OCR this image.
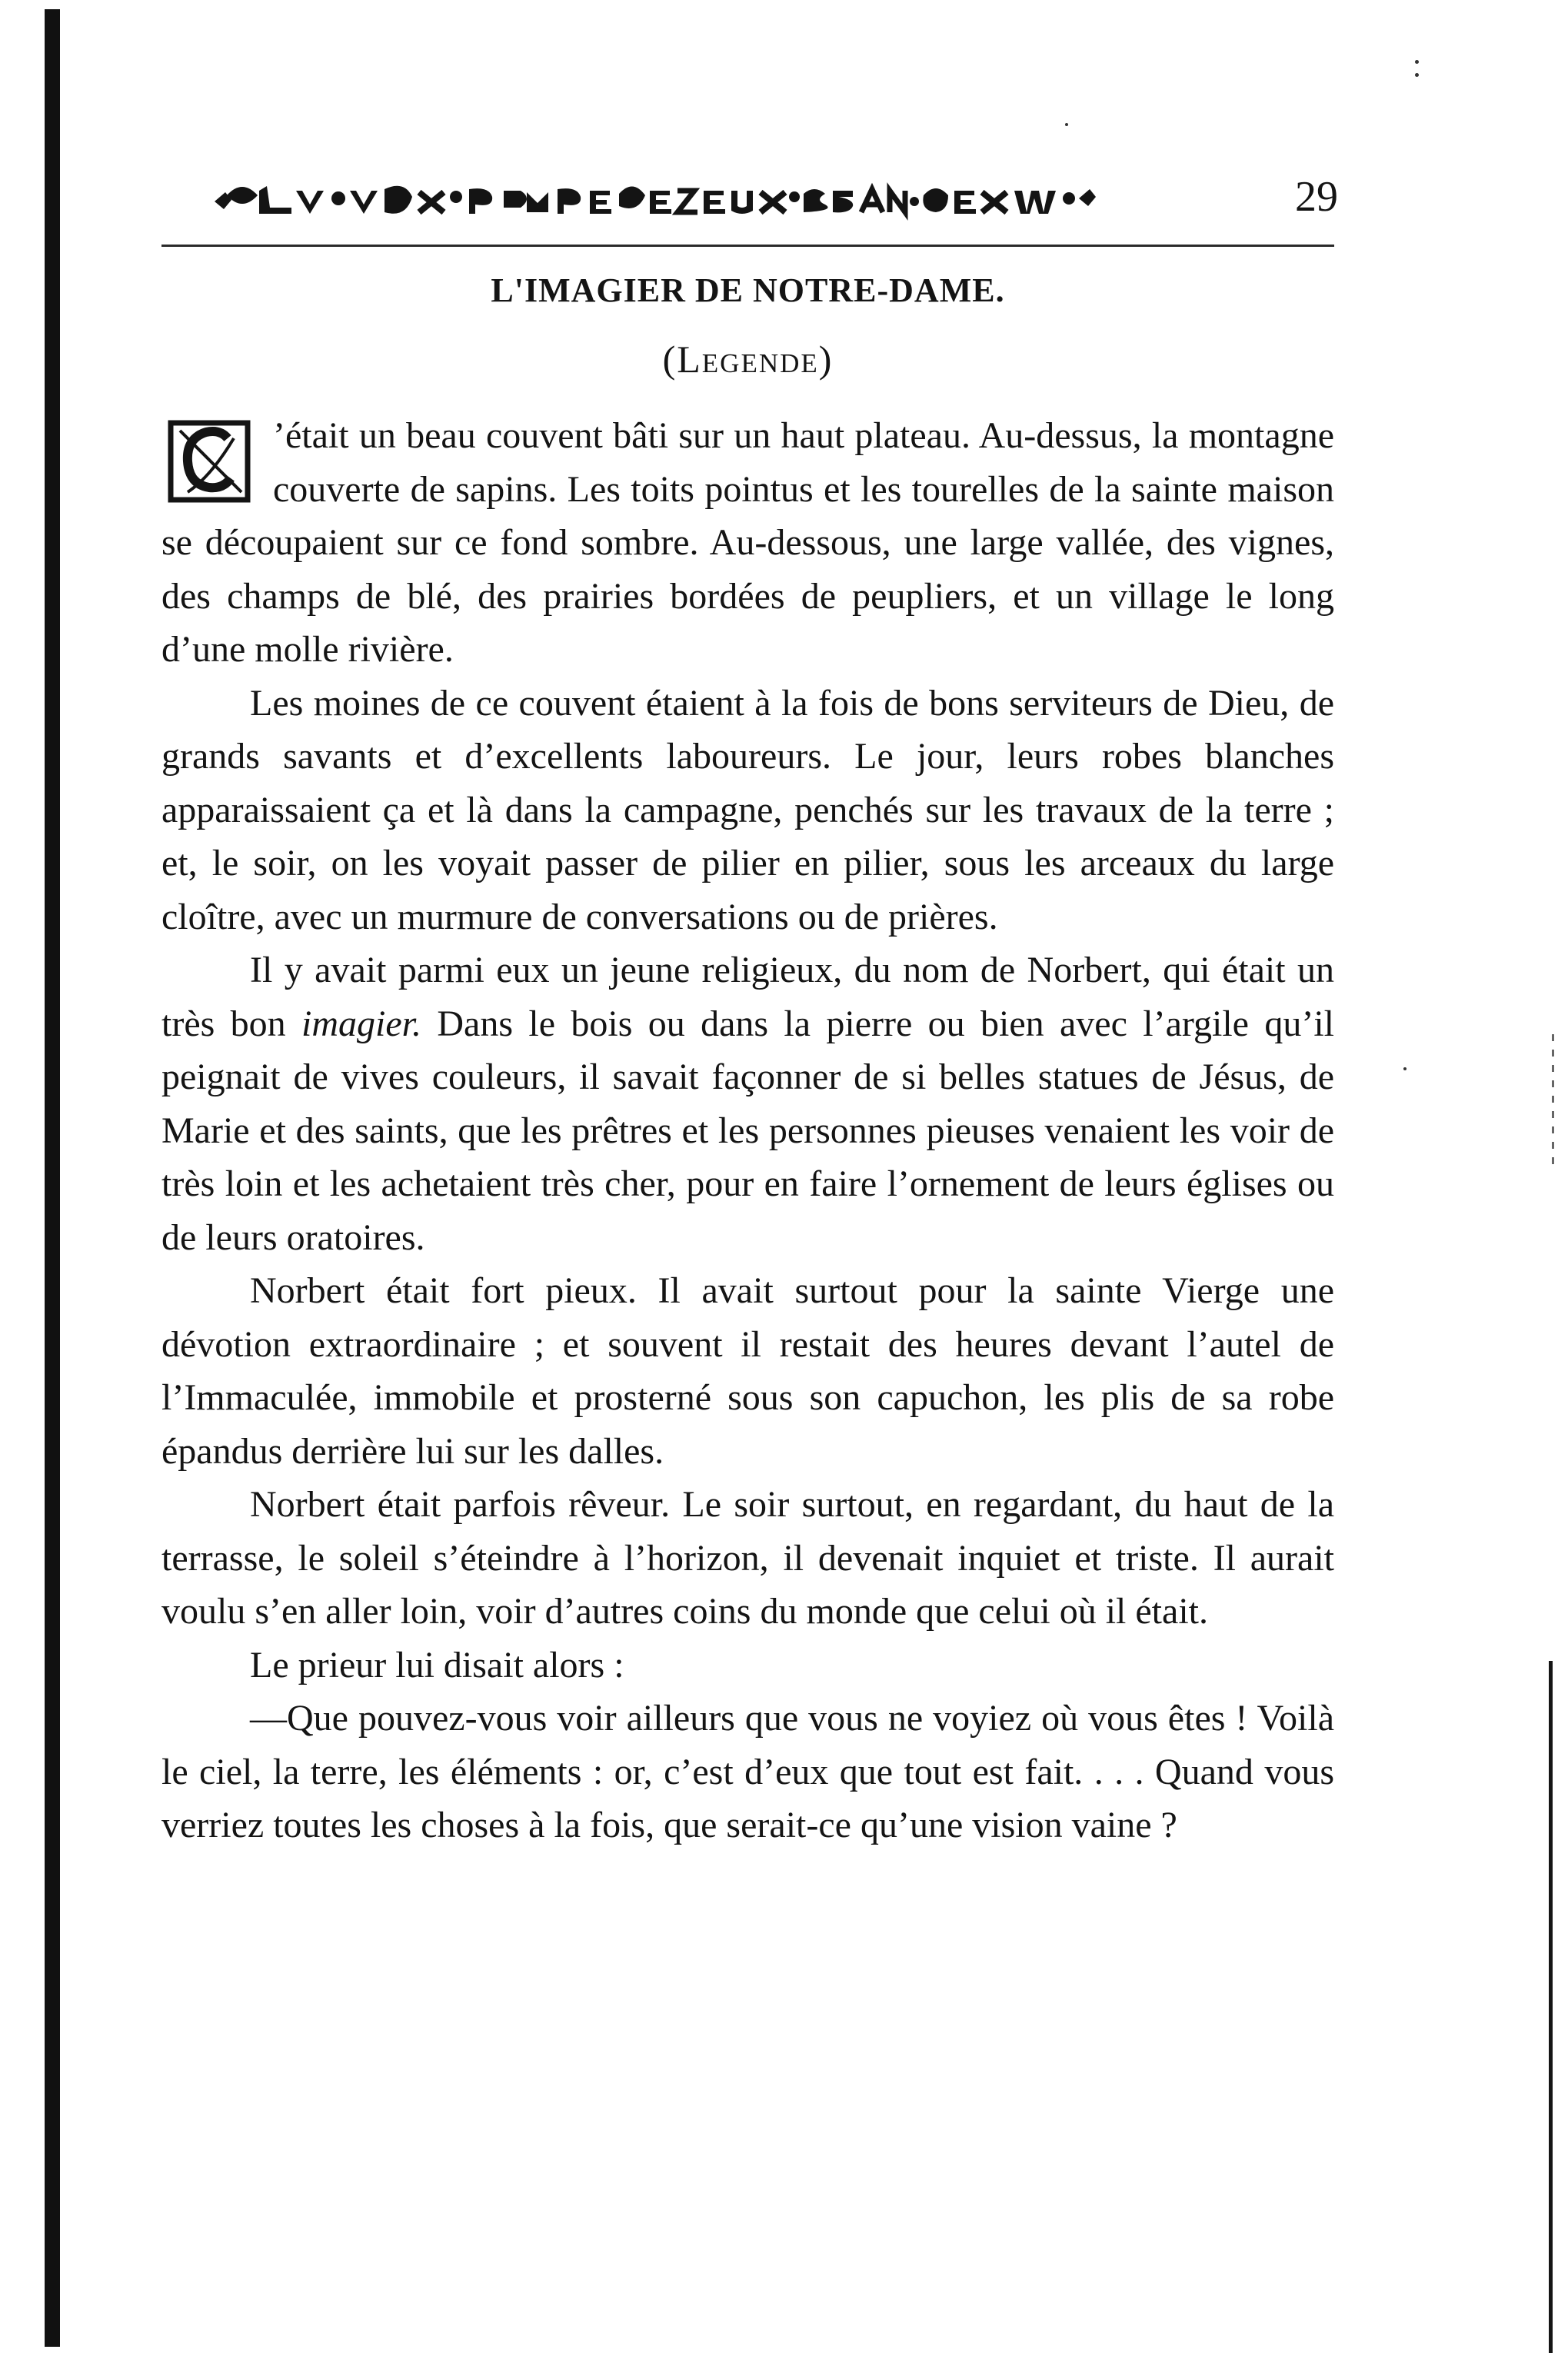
29
L'IMAGIER DE NOTRE-DAME.
(Legende)

’était un beau couvent bâti sur un haut plateau. Au-dessus, la montagne couverte de sapins. Les toits pointus et les tourelles de la sainte maison se découpaient sur ce fond sombre. Au-dessous, une large vallée, des vignes, des champs de blé, des prairies bordées de peupliers, et un village le long d’une molle rivière.

Les moines de ce couvent étaient à la fois de bons serviteurs de Dieu, de grands savants et d’excellents laboureurs. Le jour, leurs robes blanches apparaissaient ça et là dans la campagne, penchés sur les travaux de la terre ; et, le soir, on les voyait passer de pilier en pilier, sous les arceaux du large cloître, avec un murmure de conversations ou de prières.

Il y avait parmi eux un jeune religieux, du nom de Norbert, qui était un très bon imagier. Dans le bois ou dans la pierre ou bien avec l’argile qu’il peignait de vives couleurs, il savait façonner de si belles statues de Jésus, de Marie et des saints, que les prêtres et les personnes pieuses venaient les voir de très loin et les achetaient très cher, pour en faire l’ornement de leurs églises ou de leurs oratoires.

Norbert était fort pieux. Il avait surtout pour la sainte Vierge une dévotion extraordinaire ; et souvent il restait des heures devant l’autel de l’Immaculée, immobile et prosterné sous son capuchon, les plis de sa robe épandus derrière lui sur les dalles.

Norbert était parfois rêveur. Le soir surtout, en regardant, du haut de la terrasse, le soleil s’éteindre à l’horizon, il devenait inquiet et triste. Il aurait voulu s’en aller loin, voir d’autres coins du monde que celui où il était.

Le prieur lui disait alors :

—Que pouvez-vous voir ailleurs que vous ne voyiez où vous êtes ! Voilà le ciel, la terre, les éléments : or, c’est d’eux que tout est fait. . . . Quand vous verriez toutes les choses à la fois, que serait-ce qu’une vision vaine ?
